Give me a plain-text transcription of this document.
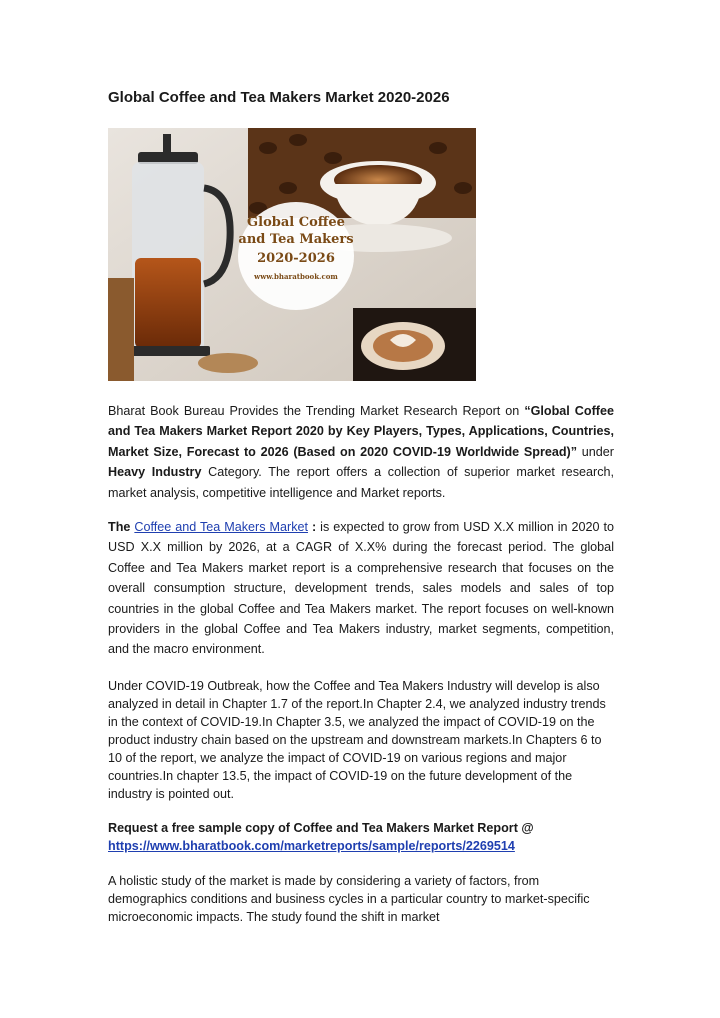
Global Coffee and Tea Makers Market 2020-2026
Global Coffee
and Tea Makers
2020-2026
www.bharatbook.com
Bharat Book Bureau Provides the Trending Market Research Report on “Global Coffee and Tea Makers Market Report 2020 by Key Players, Types, Applications, Countries, Market Size, Forecast to 2026 (Based on 2020 COVID-19 Worldwide Spread)” under Heavy Industry Category. The report offers a collection of superior market research, market analysis, competitive intelligence and Market reports.
The Coffee and Tea Makers Market : is expected to grow from USD X.X million in 2020 to USD X.X million by 2026, at a CAGR of X.X% during the forecast period. The global Coffee and Tea Makers market report is a comprehensive research that focuses on the overall consumption structure, development trends, sales models and sales of top countries in the global Coffee and Tea Makers market. The report focuses on well-known providers in the global Coffee and Tea Makers industry, market segments, competition, and the macro environment.
Under COVID-19 Outbreak, how the Coffee and Tea Makers Industry will develop is also analyzed in detail in Chapter 1.7 of the report.In Chapter 2.4, we analyzed industry trends in the context of COVID-19.In Chapter 3.5, we analyzed the impact of COVID-19 on the product industry chain based on the upstream and downstream markets.In Chapters 6 to 10 of the report, we analyze the impact of COVID-19 on various regions and major countries.In chapter 13.5, the impact of COVID-19 on the future development of the industry is pointed out.
Request a free sample copy of Coffee and Tea Makers Market Report @
https://www.bharatbook.com/marketreports/sample/reports/2269514
A holistic study of the market is made by considering a variety of factors, from demographics conditions and business cycles in a particular country to market-specific microeconomic impacts. The study found the shift in market
